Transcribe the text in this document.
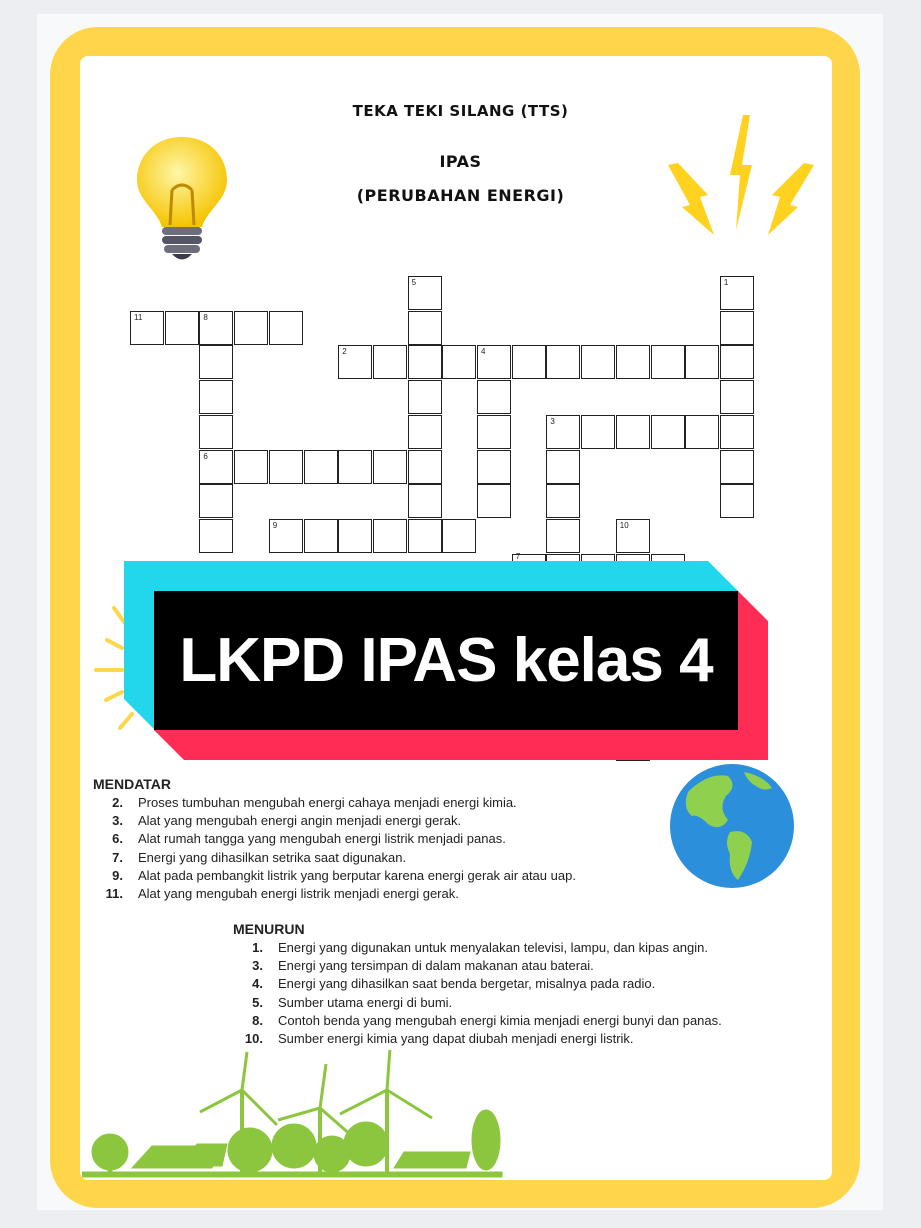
TEKA TEKI SILANG (TTS)
IPAS
(PERUBAHAN ENERGI)
5	1
11	8
2	4
3
6
9	10
7
LKPD IPAS kelas 4
MENDATAR
2.	Proses tumbuhan mengubah energi cahaya menjadi energi kimia.
3.	Alat yang mengubah energi angin menjadi energi gerak.
6.	Alat rumah tangga yang mengubah energi listrik menjadi panas.
7.	Energi yang dihasilkan setrika saat digunakan.
9.	Alat pada pembangkit listrik yang berputar karena energi gerak air atau uap.
11.	Alat yang mengubah energi listrik menjadi energi gerak.
MENURUN
1.	Energi yang digunakan untuk menyalakan televisi, lampu, dan kipas angin.
3.	Energi yang tersimpan di dalam makanan atau baterai.
4.	Energi yang dihasilkan saat benda bergetar, misalnya pada radio.
5.	Sumber utama energi di bumi.
8.	Contoh benda yang mengubah energi kimia menjadi energi bunyi dan panas.
10.	Sumber energi kimia yang dapat diubah menjadi energi listrik.
